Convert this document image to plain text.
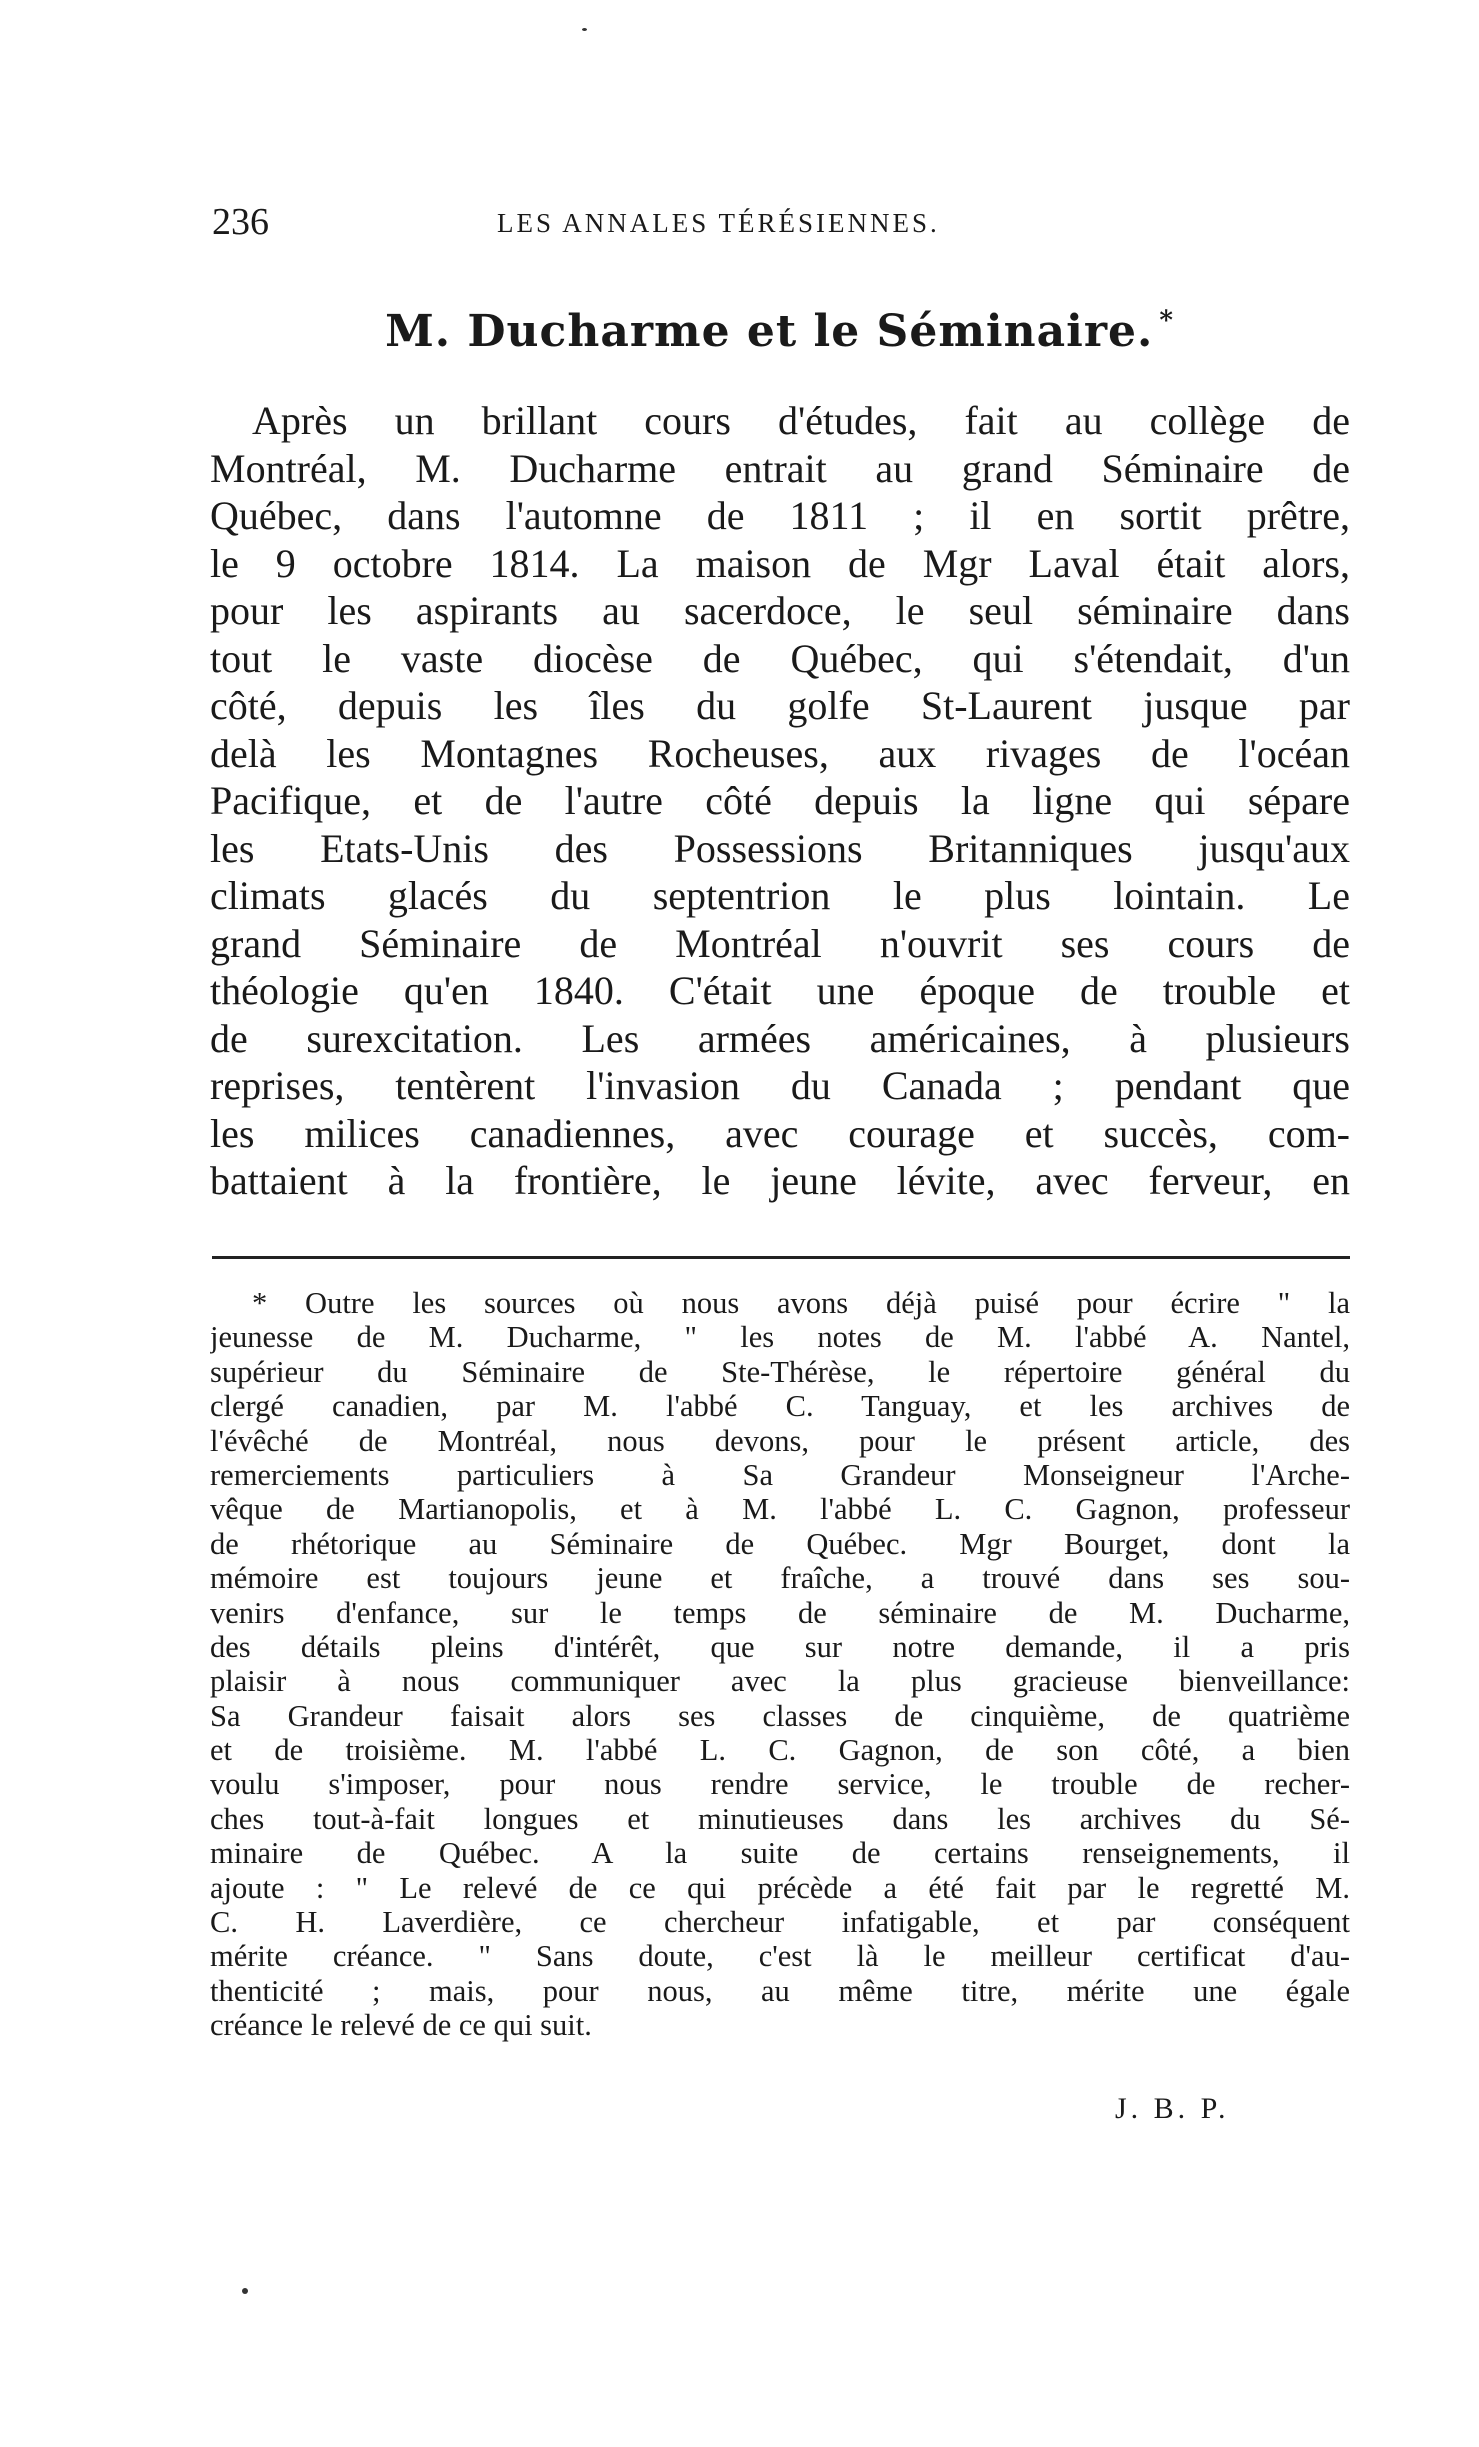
236	LES ANNALES TÉRÉSIENNES.
M. Ducharme et le Séminaire. *
Après un brillant cours d'études, fait au collège de
Montréal, M. Ducharme entrait au grand Séminaire de
Québec, dans l'automne de 1811 ; il en sortit prêtre,
le 9 octobre 1814. La maison de Mgr Laval était alors,
pour les aspirants au sacerdoce, le seul séminaire dans
tout le vaste diocèse de Québec, qui s'étendait, d'un
côté, depuis les îles du golfe St-Laurent jusque par
delà les Montagnes Rocheuses, aux rivages de l'océan
Pacifique, et de l'autre côté depuis la ligne qui sépare
les Etats-Unis des Possessions Britanniques jusqu'aux
climats glacés du septentrion le plus lointain. Le
grand Séminaire de Montréal n'ouvrit ses cours de
théologie qu'en 1840. C'était une époque de trouble et
de surexcitation. Les armées américaines, à plusieurs
reprises, tentèrent l'invasion du Canada ; pendant que
les milices canadiennes, avec courage et succès, com-
battaient à la frontière, le jeune lévite, avec ferveur, en
* Outre les sources où nous avons déjà puisé pour écrire " la
jeunesse de M. Ducharme, " les notes de M. l'abbé A. Nantel,
supérieur du Séminaire de Ste-Thérèse, le répertoire général du
clergé canadien, par M. l'abbé C. Tanguay, et les archives de
l'évêché de Montréal, nous devons, pour le présent article, des
remerciements particuliers à Sa Grandeur Monseigneur l'Arche-
vêque de Martianopolis, et à M. l'abbé L. C. Gagnon, professeur
de rhétorique au Séminaire de Québec. Mgr Bourget, dont la
mémoire est toujours jeune et fraîche, a trouvé dans ses sou-
venirs d'enfance, sur le temps de séminaire de M. Ducharme,
des détails pleins d'intérêt, que sur notre demande, il a pris
plaisir à nous communiquer avec la plus gracieuse bienveillance:
Sa Grandeur faisait alors ses classes de cinquième, de quatrième
et de troisième. M. l'abbé L. C. Gagnon, de son côté, a bien
voulu s'imposer, pour nous rendre service, le trouble de recher-
ches tout-à-fait longues et minutieuses dans les archives du Sé-
minaire de Québec. A la suite de certains renseignements, il
ajoute : " Le relevé de ce qui précède a été fait par le regretté M.
C. H. Laverdière, ce chercheur infatigable, et par conséquent
mérite créance. " Sans doute, c'est là le meilleur certificat d'au-
thenticité ; mais, pour nous, au même titre, mérite une égale
créance le relevé de ce qui suit.
J. B. P.
